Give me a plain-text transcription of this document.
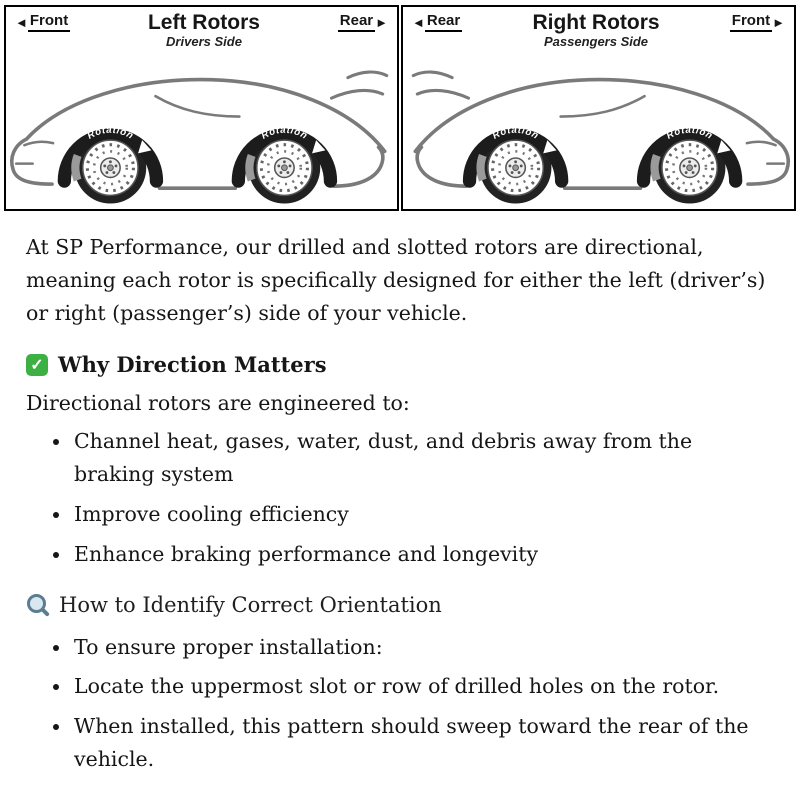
◄ Front	Left Rotors
Drivers Side
Rear ►
Rotation	Rotation
◄ Rear	Right Rotors
Passengers Side
Front ►
Rotation	Rotation

At SP Performance, our drilled and slotted rotors are directional, meaning each rotor is specifically designed for either the left (driver’s) or right (passenger’s) side of your vehicle.

✓ Why Direction Matters

Directional rotors are engineered to:

• Channel heat, gases, water, dust, and debris away from the braking system
• Improve cooling efficiency
• Enhance braking performance and longevity
How to Identify Correct Orientation
• To ensure proper installation:
• Locate the uppermost slot or row of drilled holes on the rotor.
• When installed, this pattern should sweep toward the rear of the vehicle.
